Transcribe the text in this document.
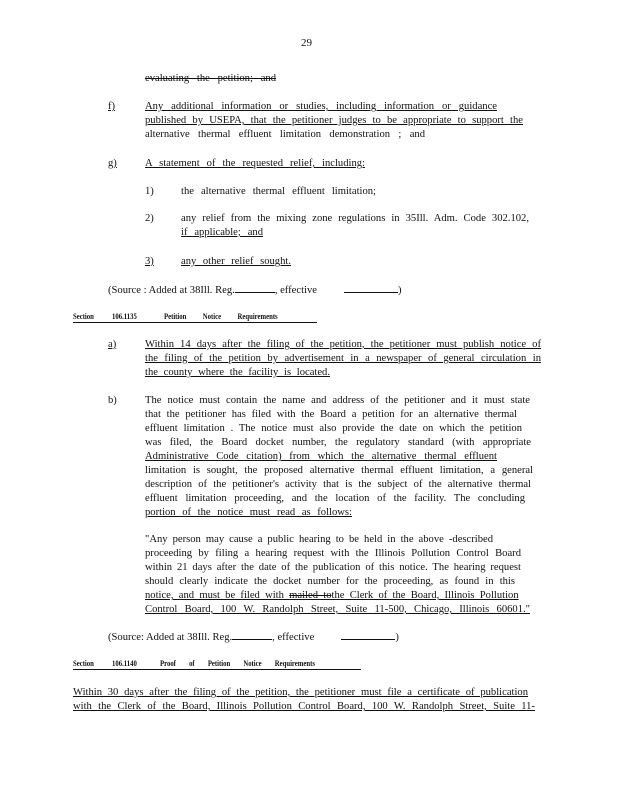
29
evaluating the petition; and
f)	Any additional information or studies, including information or guidance
published by USEPA, that the petitioner judges to be appropriate to support the
alternative thermal effluent limitation demonstration ; and
g)	A statement of the requested relief, including:
1)	the alternative thermal effluent limitation;
2)	any relief from the mixing zone regulations in 35Ill. Adm. Code 302.102,
if applicable; and
3)	any other relief sought.
(Source : Added at 38Ill. Reg.	, effective	)
Section 106.1135	Petition Notice Requirements
a)	Within 14 days after the filing of the petition, the petitioner must publish notice of
the filing of the petition by advertisement in a newspaper of general circulation in
the county where the facility is located.
b)	The notice must contain the name and address of the petitioner and it must state
that the petitioner has filed with the Board a petition for an alternative thermal
effluent limitation . The notice must also provide the date on which the petition
was filed, the Board docket number, the regulatory standard (with appropriate
Administrative Code citation) from which the alternative thermal effluent
limitation is sought, the proposed alternative thermal effluent limitation, a general
description of the petitioner's activity that is the subject of the alternative thermal
effluent limitation proceeding, and the location of the facility. The concluding
portion of the notice must read as follows:
"Any person may cause a public hearing to be held in the above -described
proceeding by filing a hearing request with the Illinois Pollution Control Board
within 21 days after the date of the publication of this notice. The hearing request
should clearly indicate the docket number for the proceeding, as found in this
notice, and must be filed with mailed tothe Clerk of the Board, Illinois Pollution
Control Board, 100 W. Randolph Street, Suite 11-500, Chicago, Illinois 60601."
(Source: Added at 38Ill. Reg.	, effective	)
Section 106.1140	Proof of Petition Notice Requirements
Within 30 days after the filing of the petition, the petitioner must file a certificate of publication
with the Clerk of the Board, Illinois Pollution Control Board, 100 W. Randolph Street, Suite 11-
